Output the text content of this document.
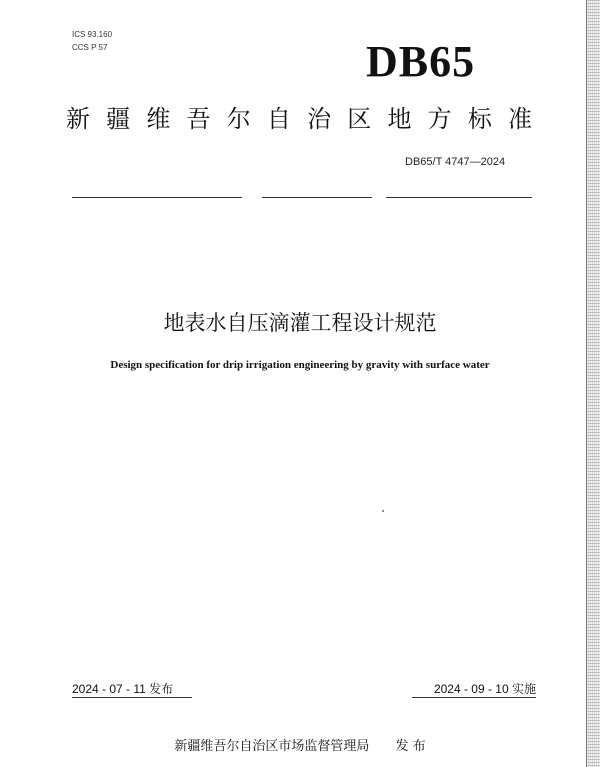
ICS 93.160
CCS P 57	DB65
新疆维吾尔自治区地方标准
DB65/T 4747—2024
地表水自压滴灌工程设计规范
Design specification for drip irrigation engineering by gravity with surface water
2024 - 07 - 11 发布	2024 - 09 - 10 实施
新疆维吾尔自治区市场监督管理局 发 布
